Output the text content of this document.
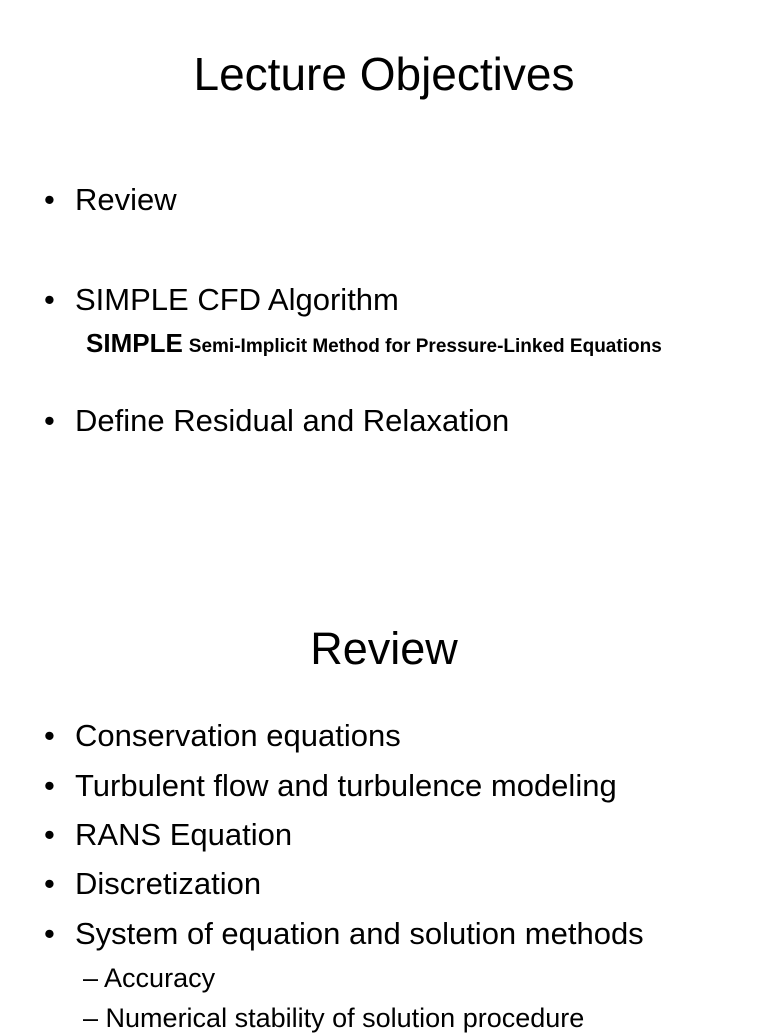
Lecture Objectives
• Review
• SIMPLE CFD Algorithm
SIMPLE Semi-Implicit Method for Pressure-Linked Equations
• Define Residual and Relaxation
Review
• Conservation equations
• Turbulent flow and turbulence modeling
• RANS Equation
• Discretization
• System of equation and solution methods
– Accuracy
– Numerical stability of solution procedure
